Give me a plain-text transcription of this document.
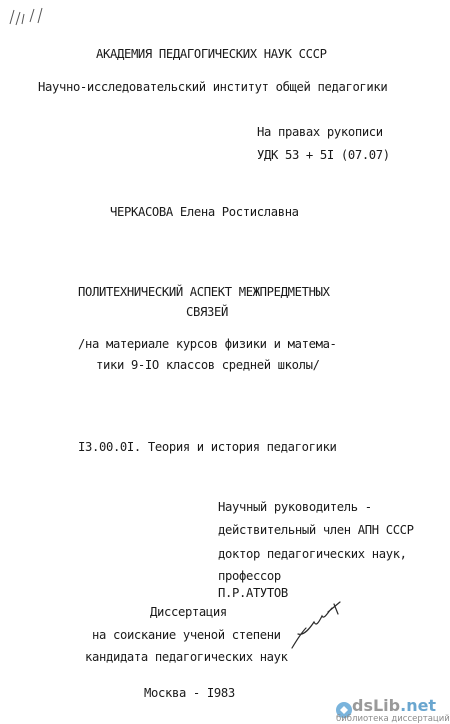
АКАДЕМИЯ ПЕДАГОГИЧЕСКИХ НАУК СССР
Научно-исследовательский институт общей педагогики
На правах рукописи
УДК 53 + 5I (07.07)
ЧЕРКАСОВА Елена Ростиславна
ПОЛИТЕХНИЧЕСКИЙ АСПЕКТ МЕЖПРЕДМЕТНЫХ
СВЯЗЕЙ
/на материале курсов физики и матема-
тики 9-IO классов средней школы/
I3.00.0I. Теория и история педагогики
Научный руководитель -
действительный член АПН СССР
доктор педагогических наук,
профессор
П.Р.АТУТОВ
Диссертация
на соискание ученой степени
кандидата педагогических наук
Москва - I983
dsLib.net
библиотека диссертаций
